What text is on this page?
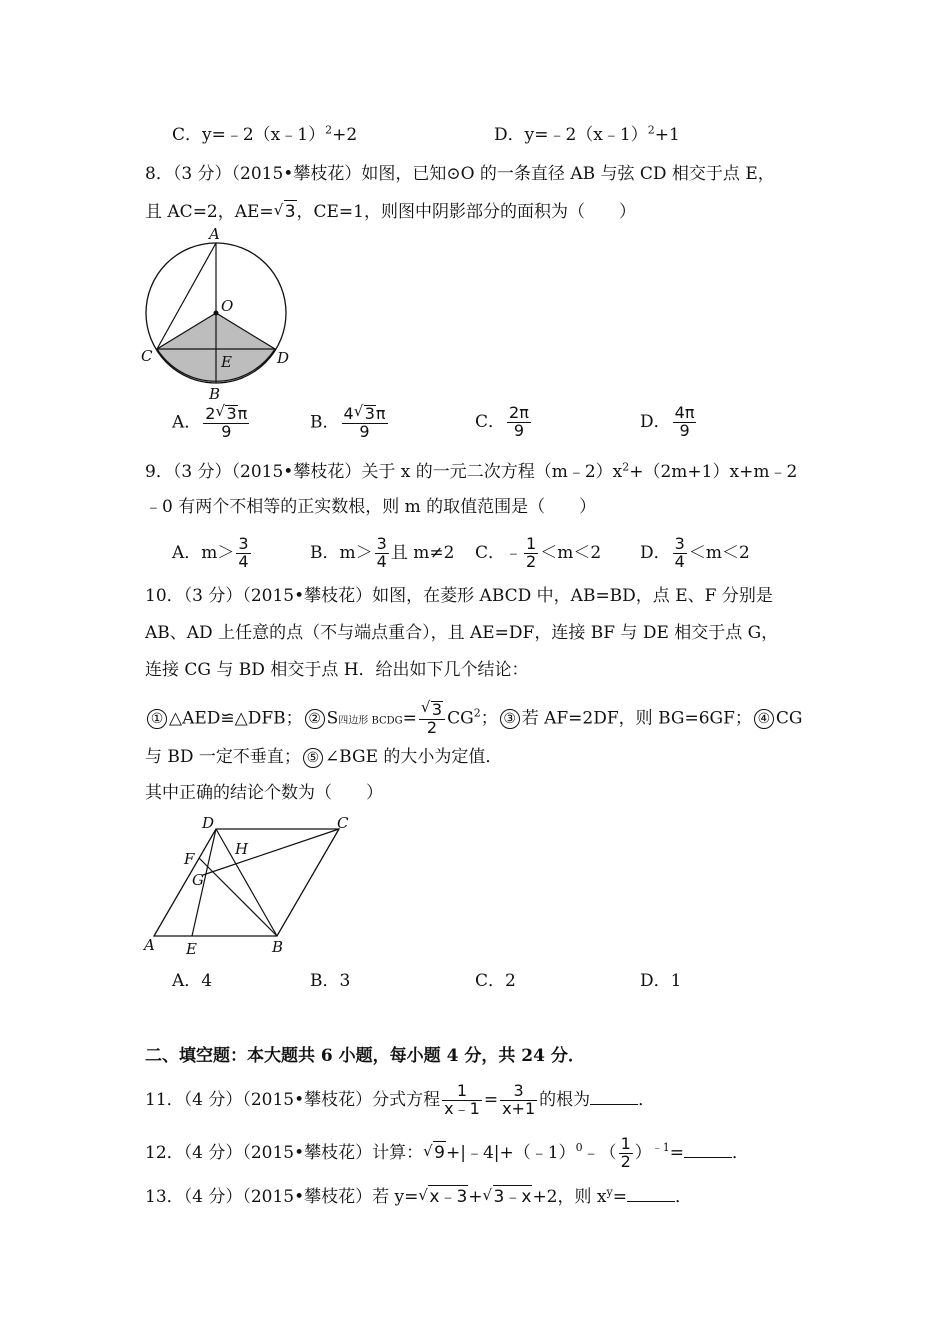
C．y=﹣2（x﹣1）$^2$+2	D．y=﹣2（x﹣1）$^2$+1
8．（3 分）（2015•攀枝花）如图，已知⊙O 的一条直径 AB 与弦 CD 相交于点 E，
且 AC=2，AE= √ 3，CE=1，则图中阴影部分的面积为（　　）
A
O
C	E	D
B
A． $\frac{2 √ 3\pi}{9}$	B． $\frac{4 √ 3\pi}{9}$	C． $\frac{2\pi}{9}$	D． $\frac{4\pi}{9}$
9．（3 分）（2015•攀枝花）关于 x 的一元二次方程$(m﹣2)x^2+(2m+1)x+m﹣2$
﹣0 有两个不相等的正实数根，则 m 的取值范围是（　　）
A．$m> \frac{3}{4}$	B．$m> \frac{3}{4}$ 且 m≠2 C．﹣ $\frac{1}{2} <m<2$ D． $\frac{3}{4} <m<2$
10．（3 分）（2015•攀枝花）如图，在菱形 ABCD 中，AB=BD，点 E、F 分别是
AB、AD 上任意的点（不与端点重合），且 AE=DF，连接 BF 与 DE 相交于点 G，
连接 CG 与 BD 相交于点 H．给出如下几个结论：
① △AED≌△DFB； ② S四边形 BCDG= √ $\frac{3}{2} CG^2$； ③ 若 AF=2DF，则 BG=6GF； ④ CG
与 BD 一定不垂直； ⑤ ∠BGE 的大小为定值．
其中正确的结论个数为（　　）
D	C
H
F
G
A E	B
A．4	B．3	C．2	D．1
二、填空题：本大题共 6 小题，每小题 4 分，共 24 分．
11．（4 分）（2015•攀枝花）分式方程 $\frac{1}{x﹣1} = \frac{3}{x+1}$ 的根为	．
12．（4 分）（2015•攀枝花）计算： √ 9+|﹣4|+（﹣1）$^0$﹣（ $\frac{1}{2} )^{﹣1}=$	．
13．（4 分）（2015•攀枝花）若 y= √ x﹣3+ √ 3﹣x+2，则 $x^y=$	．
